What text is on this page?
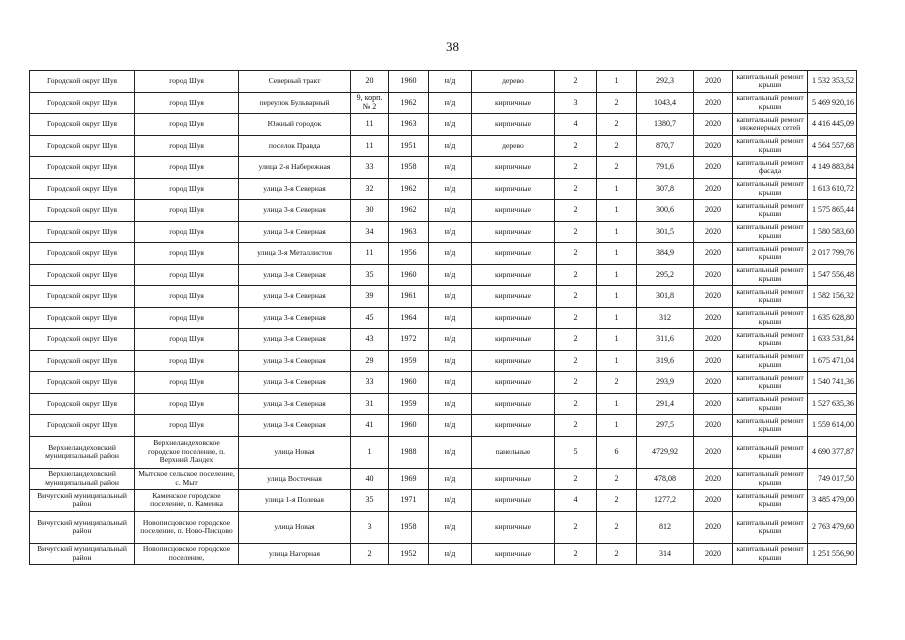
38
Городской округ Шуя	город Шуя	Северный тракт	20	1960	н/д	дерево	2	1	292,3	2020	капитальный ремонт крыши	1 532 353,52
Городской округ Шуя	город Шуя	переулок Бульварный	9, корп. № 2	1962	н/д	кирпичные	3	2	1043,4	2020	капитальный ремонт крыши	5 469 920,16
Городской округ Шуя	город Шуя	Южный городок	11	1963	н/д	кирпичные	4	2	1380,7	2020	капитальный ремонт инженерных сетей	4 416 445,09
Городской округ Шуя	город Шуя	поселок Правда	11	1951	н/д	дерево	2	2	870,7	2020	капитальный ремонт крыши	4 564 557,68
Городской округ Шуя	город Шуя	улица 2-я Набережная	33	1958	н/д	кирпичные	2	2	791,6	2020	капитальный ремонт фасада	4 149 883,84
Городской округ Шуя	город Шуя	улица 3-я Северная	32	1962	н/д	кирпичные	2	1	307,8	2020	капитальный ремонт крыши	1 613 610,72
Городской округ Шуя	город Шуя	улица 3-я Северная	30	1962	н/д	кирпичные	2	1	300,6	2020	капитальный ремонт крыши	1 575 865,44
Городской округ Шуя	город Шуя	улица 3-я Северная	34	1963	н/д	кирпичные	2	1	301,5	2020	капитальный ремонт крыши	1 580 583,60
Городской округ Шуя	город Шуя	улица 3-я Металлистов	11	1956	н/д	кирпичные	2	1	384,9	2020	капитальный ремонт крыши	2 017 799,76
Городской округ Шуя	город Шуя	улица 3-я Северная	35	1960	н/д	кирпичные	2	1	295,2	2020	капитальный ремонт крыши	1 547 556,48
Городской округ Шуя	город Шуя	улица 3-я Северная	39	1961	н/д	кирпичные	2	1	301,8	2020	капитальный ремонт крыши	1 582 156,32
Городской округ Шуя	город Шуя	улица 3-я Северная	45	1964	н/д	кирпичные	2	1	312	2020	капитальный ремонт крыши	1 635 628,80
Городской округ Шуя	город Шуя	улица 3-я Северная	43	1972	н/д	кирпичные	2	1	311,6	2020	капитальный ремонт крыши	1 633 531,84
Городской округ Шуя	город Шуя	улица 3-я Северная	29	1959	н/д	кирпичные	2	1	319,6	2020	капитальный ремонт крыши	1 675 471,04
Городской округ Шуя	город Шуя	улица 3-я Северная	33	1960	н/д	кирпичные	2	2	293,9	2020	капитальный ремонт крыши	1 540 741,36
Городской округ Шуя	город Шуя	улица 3-я Северная	31	1959	н/д	кирпичные	2	1	291,4	2020	капитальный ремонт крыши	1 527 635,36
Городской округ Шуя	город Шуя	улица 3-я Северная	41	1960	н/д	кирпичные	2	1	297,5	2020	капитальный ремонт крыши	1 559 614,00
Верхнеландеховский муниципальный район	Верхнеландеховское городское поселение, п. Верхний Ландех	улица Новая	1	1988	н/д	панельные	5	6	4729,92	2020	капитальный ремонт крыши	4 690 377,87
Верхнеландеховский муниципальный район	Мытское сельское поселение, с. Мыт	улица Восточная	40	1969	н/д	кирпичные	2	2	478,08	2020	капитальный ремонт крыши	749 017,50
Вичугский муниципальный район	Каменское городское поселение, п. Каменка	улица 1-я Полевая	35	1971	н/д	кирпичные	4	2	1277,2	2020	капитальный ремонт крыши	3 485 479,00
Вичугский муниципальный район	Новописцовское городское поселение, п. Ново-Писцово	улица Новая	3	1958	н/д	кирпичные	2	2	812	2020	капитальный ремонт крыши	2 763 479,60
Вичугский муниципальный район	Новописцовское городское поселение,	улица Нагорная	2	1952	н/д	кирпичные	2	2	314	2020	капитальный ремонт крыши	1 251 556,90
